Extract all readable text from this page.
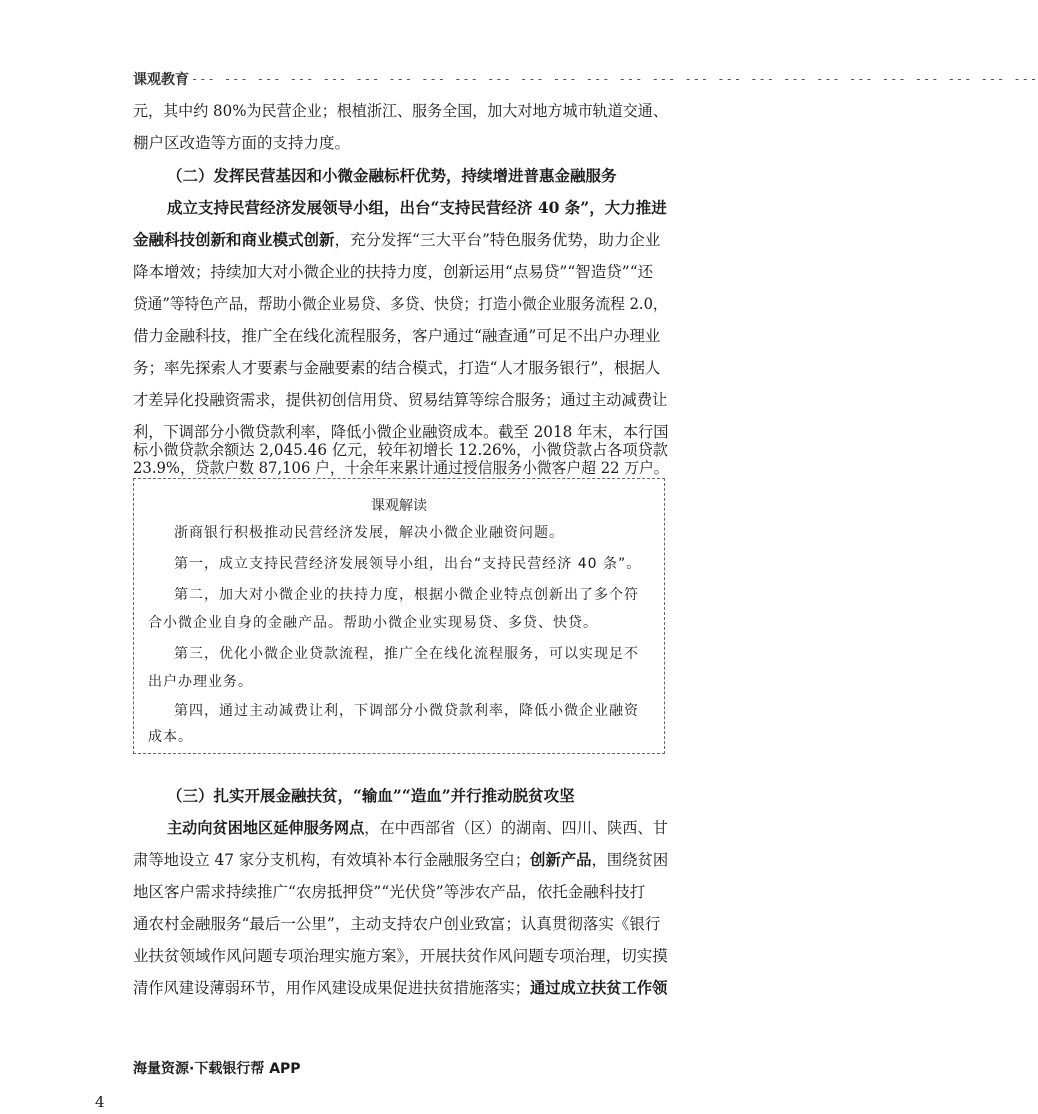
课观教育 --- --- --- --- --- --- --- --- --- --- --- --- --- --- --- --- --- --- --- --- --- --- --- --- --- ---
元，其中约 80%为民营企业；根植浙江、服务全国，加大对地方城市轨道交通、
棚户区改造等方面的支持力度。
（二）发挥民营基因和小微金融标杆优势，持续增进普惠金融服务
成立支持民营经济发展领导小组，出台“支持民营经济 40 条”，大力推进
金融科技创新和商业模式创新，充分发挥“三大平台”特色服务优势，助力企业
降本增效；持续加大对小微企业的扶持力度，创新运用“点易贷”“智造贷”“还
贷通”等特色产品，帮助小微企业易贷、多贷、快贷；打造小微企业服务流程 2.0，
借力金融科技，推广全在线化流程服务，客户通过“融查通”可足不出户办理业
务；率先探索人才要素与金融要素的结合模式，打造“人才服务银行”，根据人
才差异化投融资需求，提供初创信用贷、贸易结算等综合服务；通过主动减费让
利，下调部分小微贷款利率，降低小微企业融资成本。截至 2018 年末，本行国
标小微贷款余额达 2,045.46 亿元，较年初增长 12.26%，小微贷款占各项贷款
23.9%，贷款户数 87,106 户，十余年来累计通过授信服务小微客户超 22 万户。
课观解读
浙商银行积极推动民营经济发展，解决小微企业融资问题。
第一，成立支持民营经济发展领导小组，出台“支持民营经济 40 条”。
第二，加大对小微企业的扶持力度，根据小微企业特点创新出了多个符
合小微企业自身的金融产品。帮助小微企业实现易贷、多贷、快贷。
第三，优化小微企业贷款流程，推广全在线化流程服务，可以实现足不
出户办理业务。
第四，通过主动减费让利，下调部分小微贷款利率，降低小微企业融资
成本。
（三）扎实开展金融扶贫，“输血”“造血”并行推动脱贫攻坚
主动向贫困地区延伸服务网点，在中西部省（区）的湖南、四川、陕西、甘
肃等地设立 47 家分支机构，有效填补本行金融服务空白；创新产品，围绕贫困
地区客户需求持续推广“农房抵押贷”“光伏贷”等涉农产品，依托金融科技打
通农村金融服务“最后一公里”，主动支持农户创业致富；认真贯彻落实《银行
业扶贫领域作风问题专项治理实施方案》，开展扶贫作风问题专项治理，切实摸
清作风建设薄弱环节，用作风建设成果促进扶贫措施落实；通过成立扶贫工作领
海量资源·下载银行帮 APP
4
